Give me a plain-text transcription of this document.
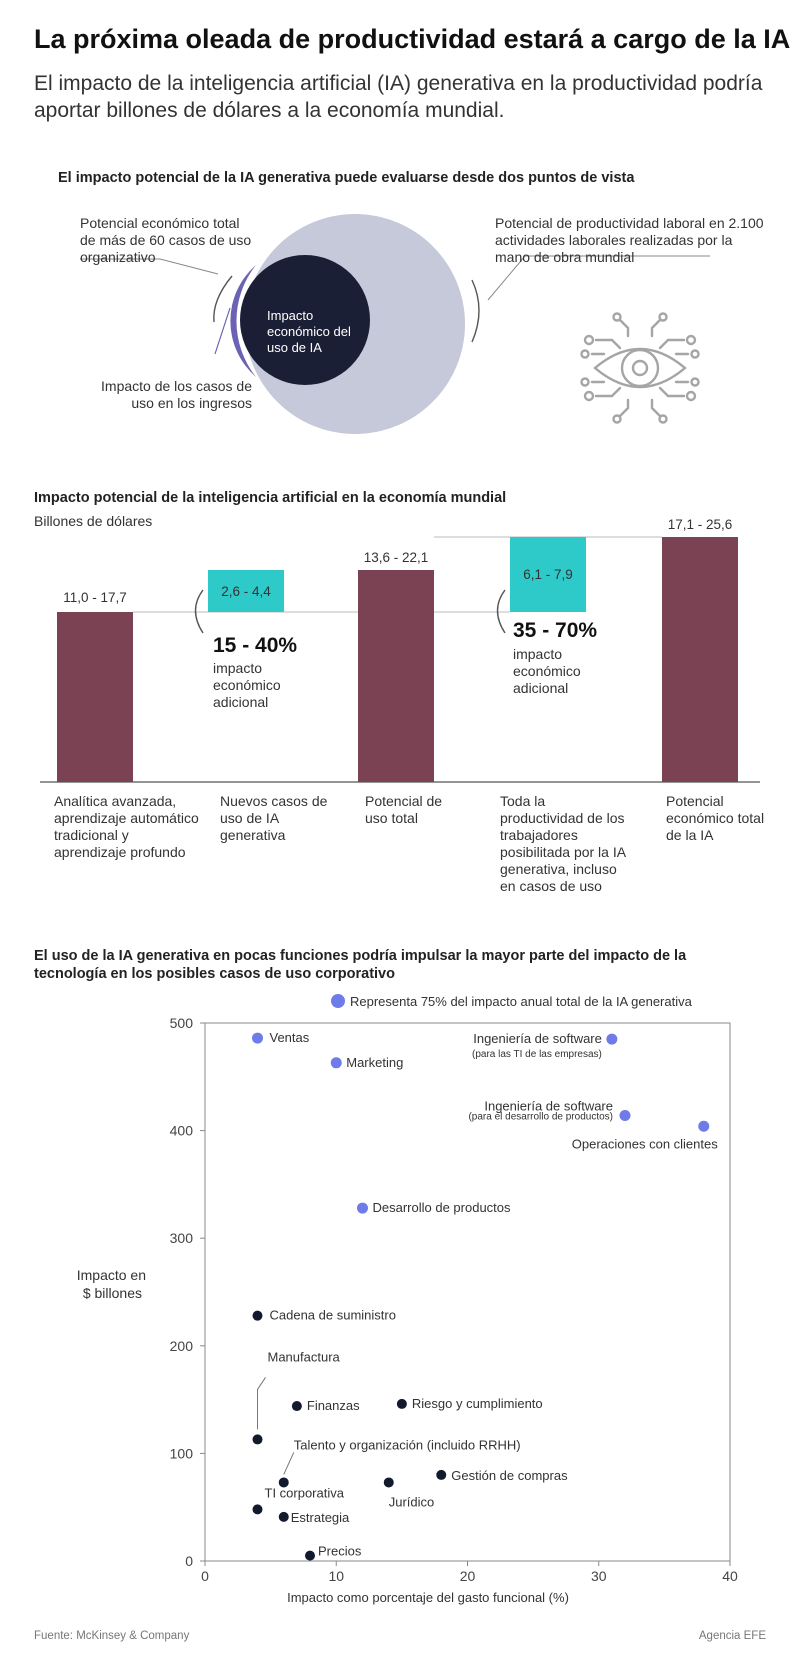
La próxima oleada de productividad estará a cargo de la IA
El impacto de la inteligencia artificial (IA) generativa en la productividad podría aportar billones de dólares a la economía mundial.
El impacto potencial de la IA generativa puede evaluarse desde dos puntos de vista
Potencial económico total de más de 60 casos de uso organizativo
Potencial de productividad laboral en 2.100 actividades laborales realizadas por la mano de obra mundial
Impacto económico del uso de IA
Impacto de los casos de uso en los ingresos
Impacto potencial de la inteligencia artificial en la economía mundial
Billones de dólares
11,0 - 17,7	2,6 - 4,4
13,6 - 22,1
6,1 - 7,9
17,1 - 25,6
15 - 40%
impacto económico adicional
35 - 70%
impacto económico adicional
Analítica avanzada, aprendizaje automático tradicional y aprendizaje profundo
Nuevos casos de uso de IA generativa
Potencial de uso total
Toda la productividad de los trabajadores posibilitada por la IA generativa, incluso en casos de uso
Potencial económico total de la IA
El uso de la IA generativa en pocas funciones podría impulsar la mayor parte del impacto de la tecnología en los posibles casos de uso corporativo
0	10	20	30	40
0
100
200
300
400
500
Ventas
Marketing
Ingeniería de software
(para las TI de las empresas)
Ingeniería de software
(para el desarrollo de productos)
Operaciones con clientes
Desarrollo de productos
Cadena de suministro
Manufactura
Finanzas	Riesgo y cumplimiento
Talento y organización (incluido RRHH)
Gestión de compras
Jurídico
TI corporativa
Estrategia
Precios
Representa 75% del impacto anual total de la IA generativa
Impacto como porcentaje del gasto funcional (%)
Impacto en
$ billones
Fuente: McKinsey & Company	Agencia EFE
